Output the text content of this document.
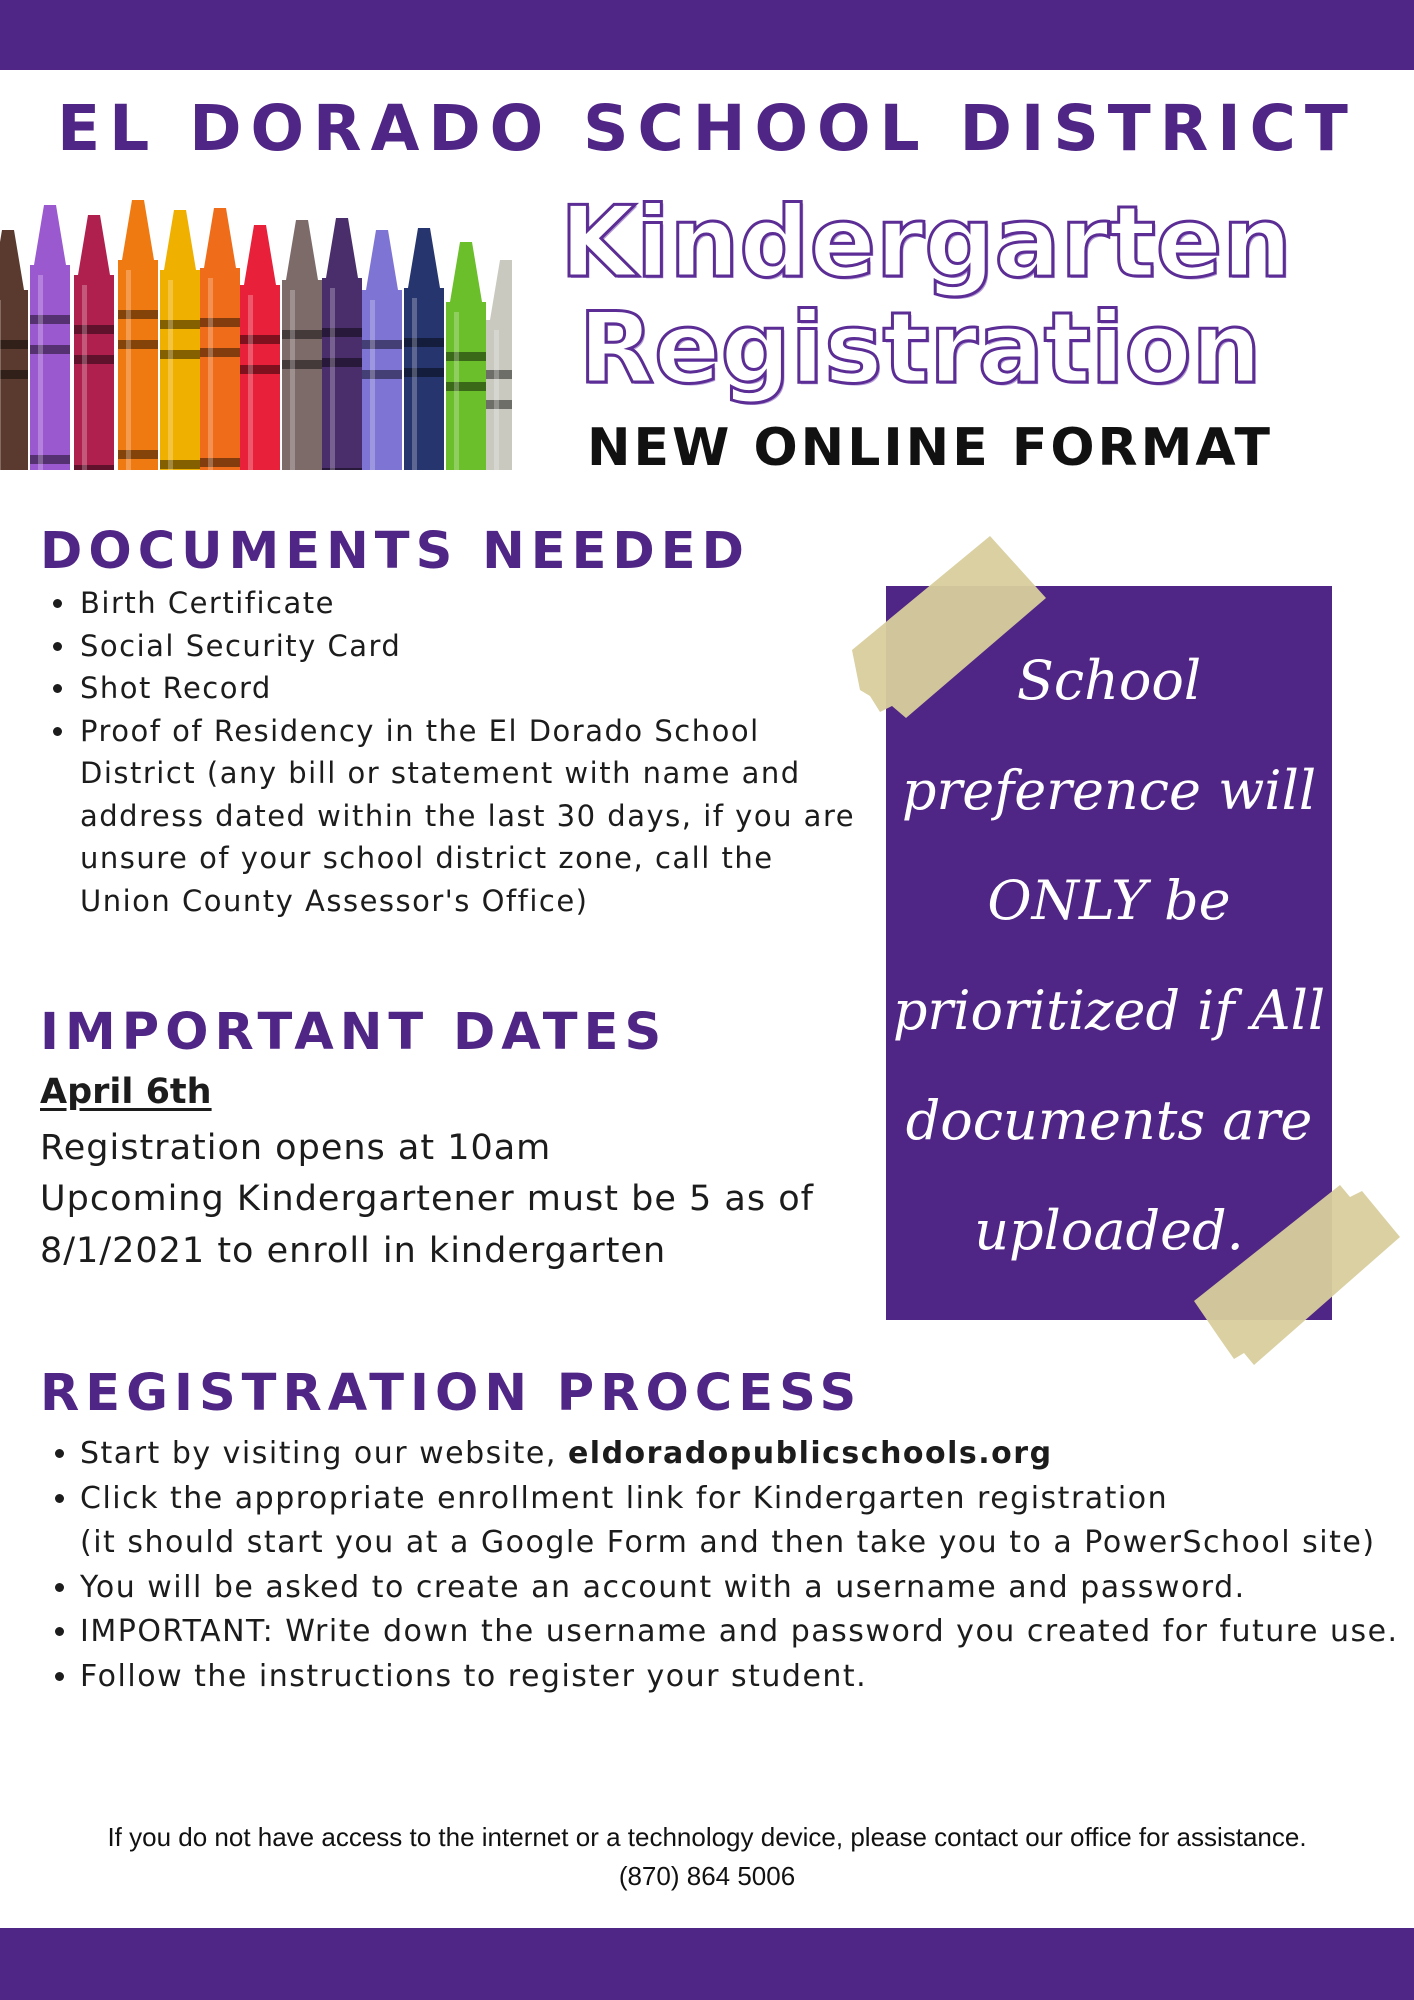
EL DORADO SCHOOL DISTRICT
Kindergarten
Registration
NEW ONLINE FORMAT
DOCUMENTS NEEDED
• Birth Certificate
• Social Security Card
• Shot Record
• Proof of Residency in the El Dorado School District (any bill or statement with name and address dated within the last 30 days, if you are unsure of your school district zone, call the Union County Assessor's Office)
IMPORTANT DATES
April 6th

Registration opens at 10am

Upcoming Kindergartener must be 5 as of 8/1/2021 to enroll in kindergarten

School
preference will
ONLY be
prioritized if All
documents are
uploaded.
REGISTRATION PROCESS
• Start by visiting our website, eldoradopublicschools.org
• Click the appropriate enrollment link for Kindergarten registration
(it should start you at a Google Form and then take you to a PowerSchool site)
• You will be asked to create an account with a username and password.
• IMPORTANT: Write down the username and password you created for future use.
• Follow the instructions to register your student.
If you do not have access to the internet or a technology device, please contact our office for assistance.
(870) 864 5006
